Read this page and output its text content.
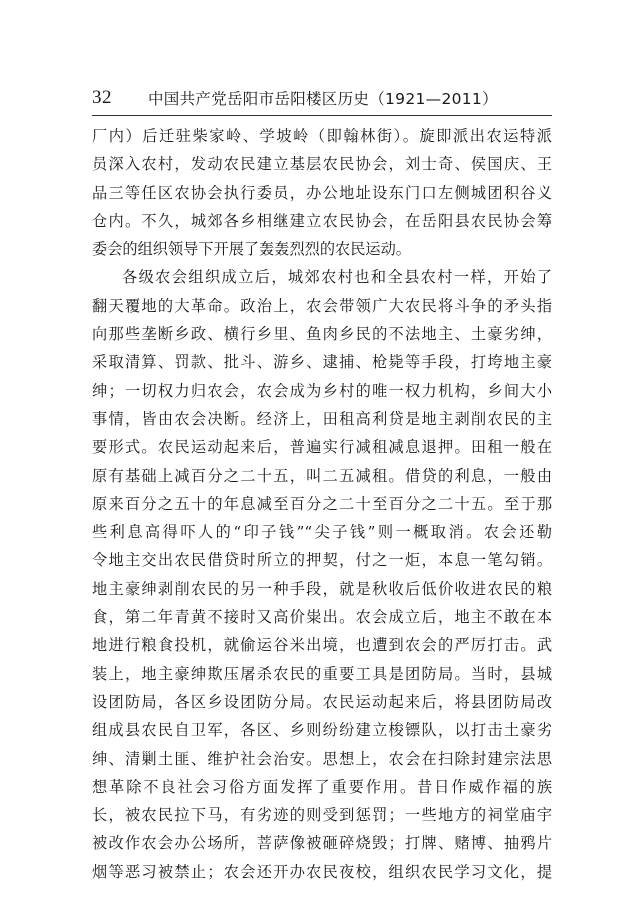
32	中国共产党岳阳市岳阳楼区历史（1921—2011）
厂内）后迁驻柴家岭、学坡岭（即翰林街）。旋即派出农运特派
员深入农村，发动农民建立基层农民协会，刘士奇、侯国庆、王
品三等任区农协会执行委员，办公地址设东门口左侧城团积谷义
仓内。不久，城郊各乡相继建立农民协会，在岳阳县农民协会筹
委会的组织领导下开展了轰轰烈烈的农民运动。
各级农会组织成立后，城郊农村也和全县农村一样，开始了
翻天覆地的大革命。政治上，农会带领广大农民将斗争的矛头指
向那些垄断乡政、横行乡里、鱼肉乡民的不法地主、土豪劣绅，
采取清算、罚款、批斗、游乡、逮捕、枪毙等手段，打垮地主豪
绅；一切权力归农会，农会成为乡村的唯一权力机构，乡间大小
事情，皆由农会决断。经济上，田租高利贷是地主剥削农民的主
要形式。农民运动起来后，普遍实行减租减息退押。田租一般在
原有基础上减百分之二十五，叫二五减租。借贷的利息，一般由
原来百分之五十的年息减至百分之二十至百分之二十五。至于那
些利息高得吓人的“印子钱”“尖子钱”则一概取消。农会还勒
令地主交出农民借贷时所立的押契，付之一炬，本息一笔勾销。
地主豪绅剥削农民的另一种手段，就是秋收后低价收进农民的粮
食，第二年青黄不接时又高价粜出。农会成立后，地主不敢在本
地进行粮食投机，就偷运谷米出境，也遭到农会的严厉打击。武
装上，地主豪绅欺压屠杀农民的重要工具是团防局。当时，县城
设团防局，各区乡设团防分局。农民运动起来后，将县团防局改
组成县农民自卫军，各区、乡则纷纷建立梭镖队，以打击土豪劣
绅、清剿土匪、维护社会治安。思想上，农会在扫除封建宗法思
想革除不良社会习俗方面发挥了重要作用。昔日作威作福的族
长，被农民拉下马，有劣迹的则受到惩罚；一些地方的祠堂庙宇
被改作农会办公场所，菩萨像被砸碎烧毁；打牌、赌博、抽鸦片
烟等恶习被禁止；农会还开办农民夜校，组织农民学习文化，提
